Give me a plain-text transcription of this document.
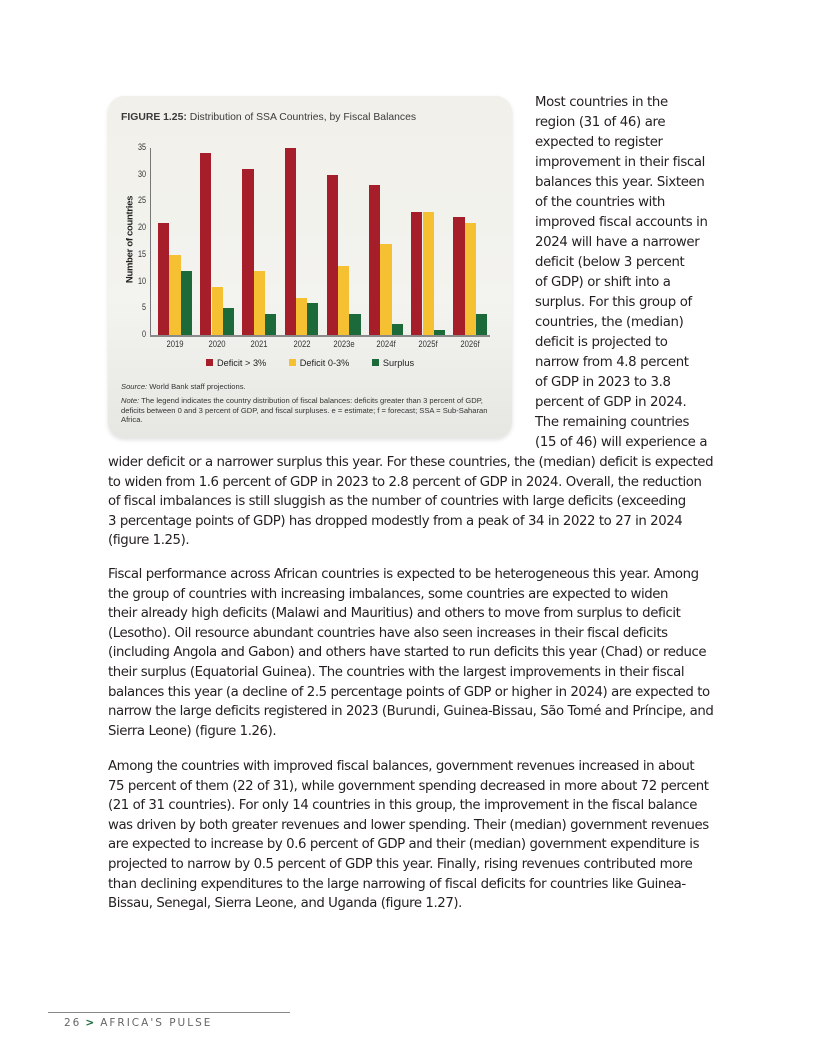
FIGURE 1.25: Distribution of SSA Countries, by Fiscal Balances
Number of countries
0
5
10
15
20
25
30
35
2019	2020	2021	2022	2023e	2024f	2025f	2026f
Deficit > 3%	Deficit 0-3%	Surplus
Source: World Bank staff projections.
Note: The legend indicates the country distribution of fiscal balances: deficits greater than 3 percent of GDP, deficits between 0 and 3 percent of GDP, and fiscal surpluses. e = estimate; f = forecast; SSA = Sub-Saharan Africa.
Most countries in the
region (31 of 46) are
expected to register
improvement in their fiscal
balances this year. Sixteen
of the countries with
improved fiscal accounts in
2024 will have a narrower
deficit (below 3 percent
of GDP) or shift into a
surplus. For this group of
countries, the (median)
deficit is projected to
narrow from 4.8 percent
of GDP in 2023 to 3.8
percent of GDP in 2024.
The remaining countries
(15 of 46) will experience a
wider deficit or a narrower surplus this year. For these countries, the (median) deficit is expected
to widen from 1.6 percent of GDP in 2023 to 2.8 percent of GDP in 2024. Overall, the reduction
of fiscal imbalances is still sluggish as the number of countries with large deficits (exceeding
3 percentage points of GDP) has dropped modestly from a peak of 34 in 2022 to 27 in 2024
(figure 1.25).
Fiscal performance across African countries is expected to be heterogeneous this year. Among
the group of countries with increasing imbalances, some countries are expected to widen
their already high deficits (Malawi and Mauritius) and others to move from surplus to deficit
(Lesotho). Oil resource abundant countries have also seen increases in their fiscal deficits
(including Angola and Gabon) and others have started to run deficits this year (Chad) or reduce
their surplus (Equatorial Guinea). The countries with the largest improvements in their fiscal
balances this year (a decline of 2.5 percentage points of GDP or higher in 2024) are expected to
narrow the large deficits registered in 2023 (Burundi, Guinea-Bissau, São Tomé and Príncipe, and
Sierra Leone) (figure 1.26).
Among the countries with improved fiscal balances, government revenues increased in about
75 percent of them (22 of 31), while government spending decreased in more about 72 percent
(21 of 31 countries). For only 14 countries in this group, the improvement in the fiscal balance
was driven by both greater revenues and lower spending. Their (median) government revenues
are expected to increase by 0.6 percent of GDP and their (median) government expenditure is
projected to narrow by 0.5 percent of GDP this year. Finally, rising revenues contributed more
than declining expenditures to the large narrowing of fiscal deficits for countries like Guinea-
Bissau, Senegal, Sierra Leone, and Uganda (figure 1.27).
26 > AFRICA'S PULSE
